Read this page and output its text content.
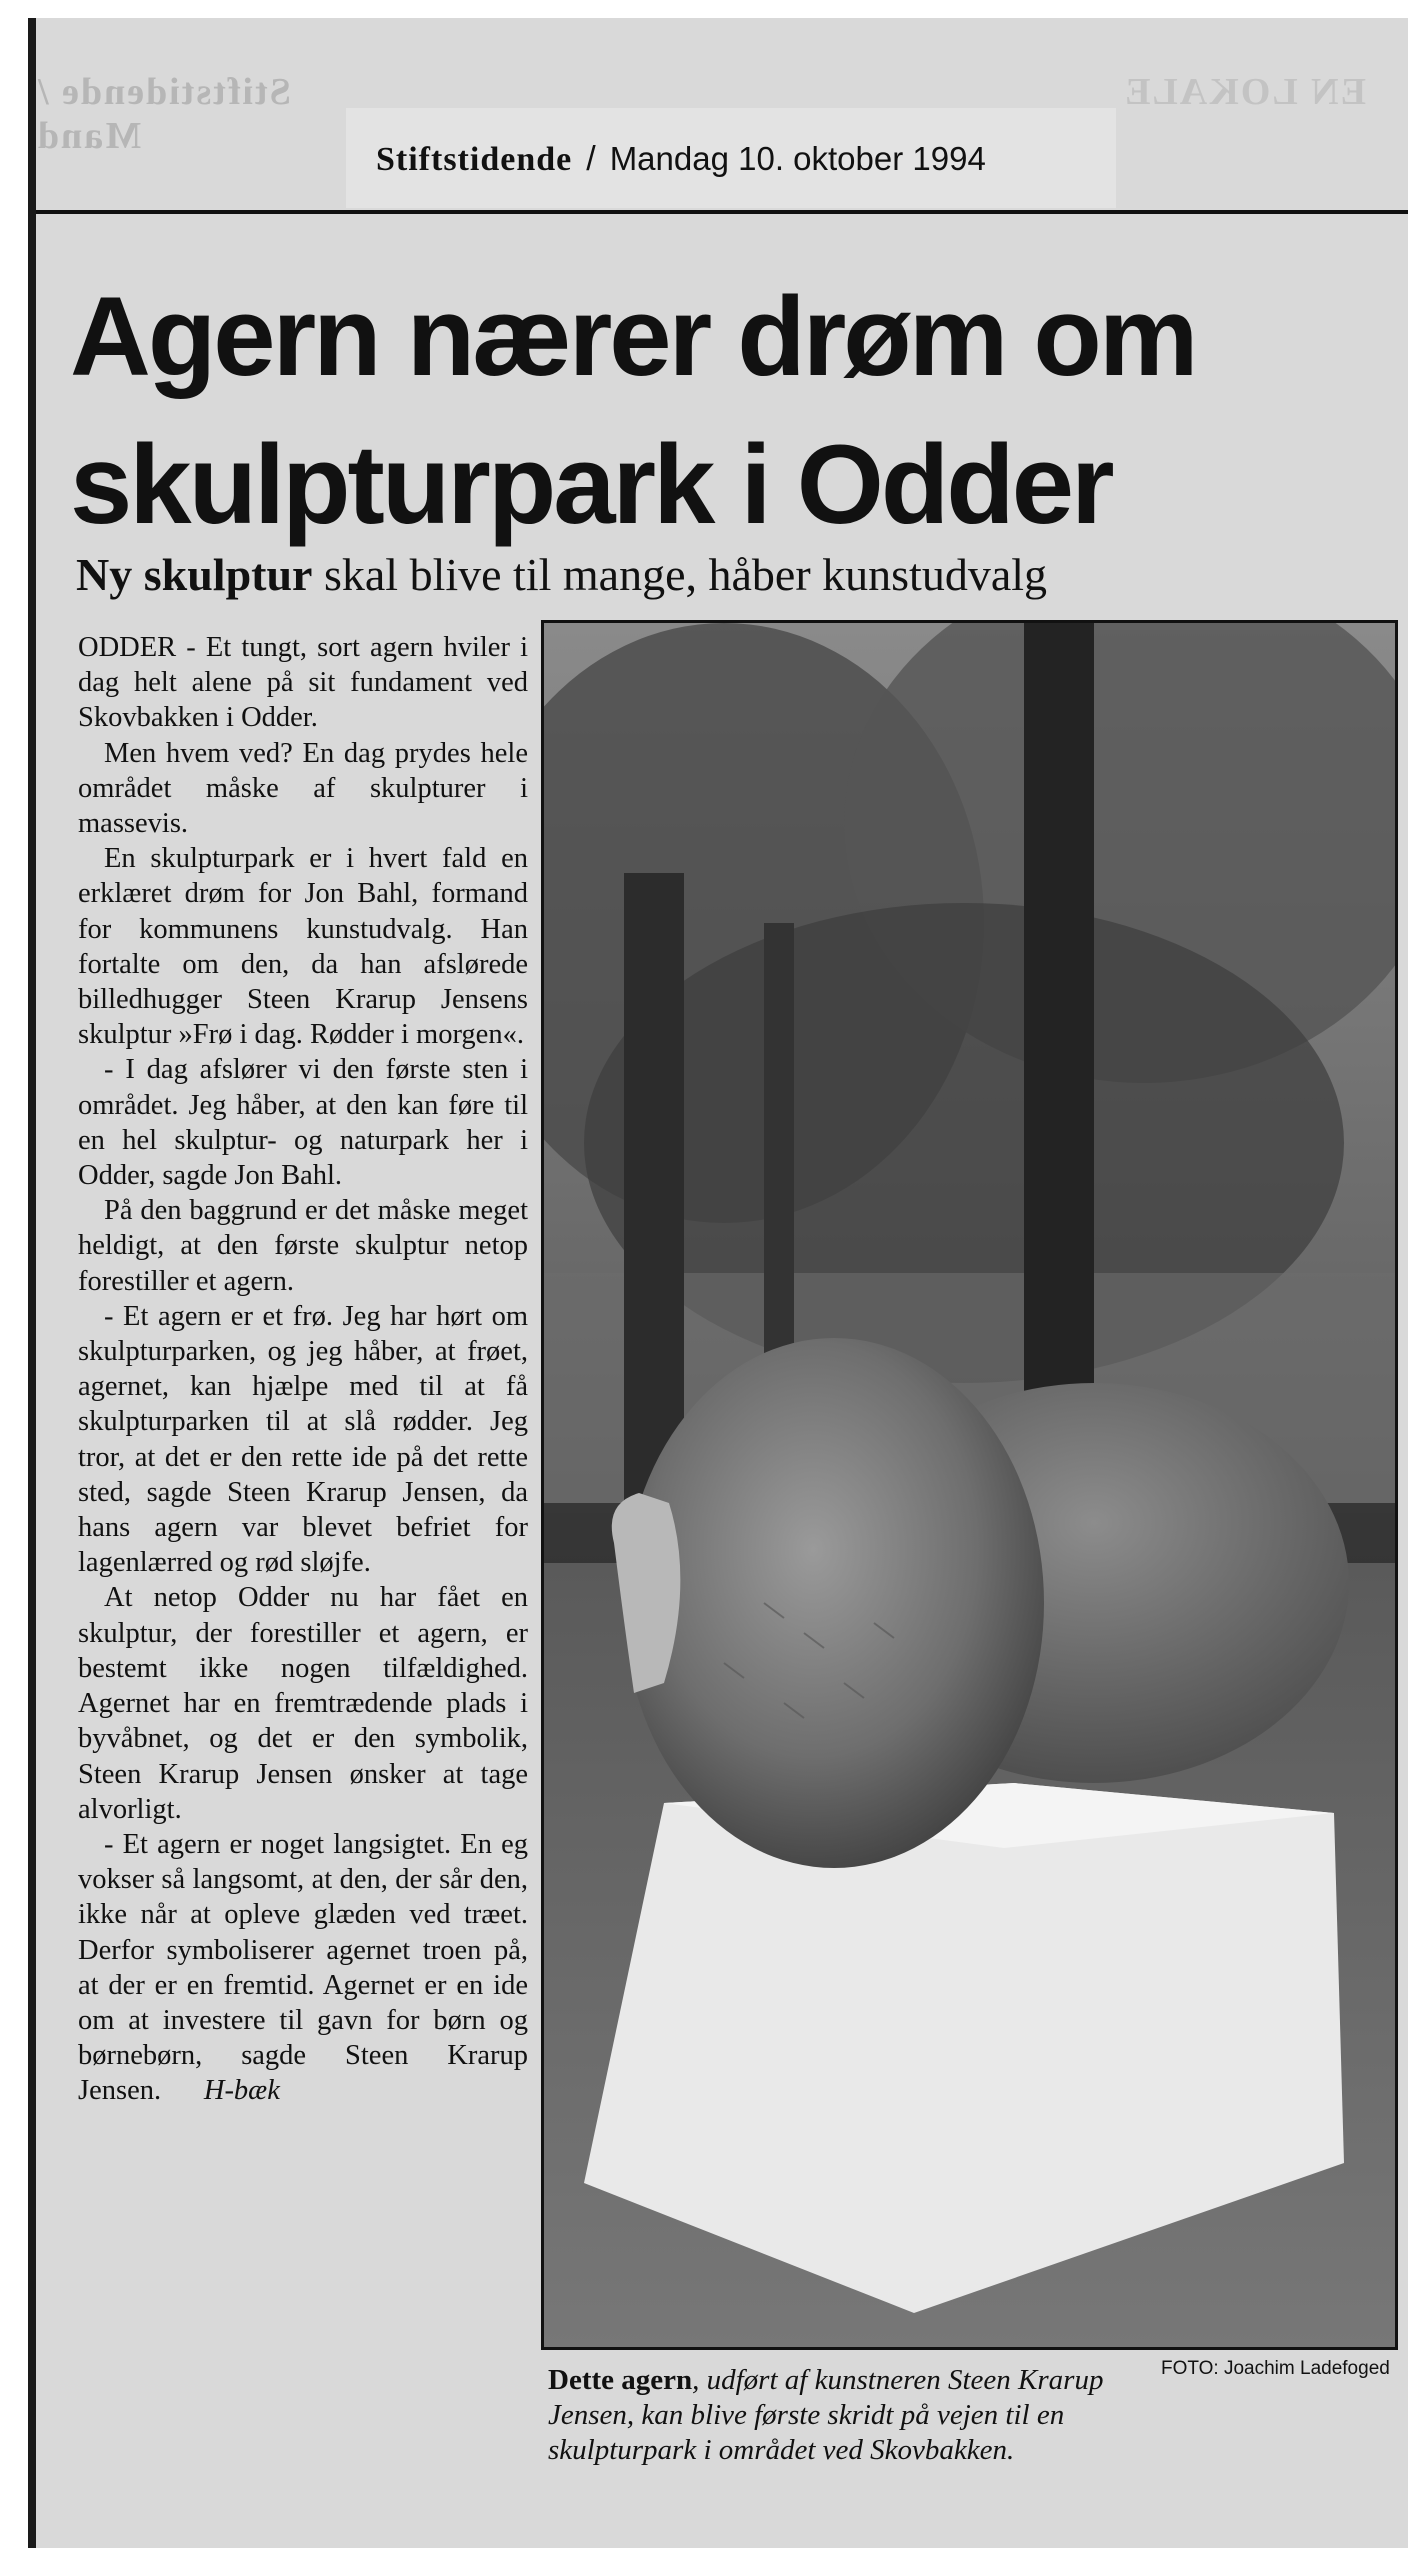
Stiftstidende / Mand
EN LOKALE
Stiftstidende / Mandag 10. oktober 1994
Agern nærer drøm om skulpturpark i Odder
Ny skulptur skal blive til mange, håber kunstudvalg

ODDER - Et tungt, sort agern hviler i dag helt alene på sit fundament ved Skovbakken i Odder.

Men hvem ved? En dag prydes hele området måske af skulpturer i massevis.

En skulpturpark er i hvert fald en erklæret drøm for Jon Bahl, formand for kommunens kunstudvalg. Han fortalte om den, da han afslørede billedhugger Steen Krarup Jensens skulptur »Frø i dag. Rødder i morgen«.

- I dag afslører vi den første sten i området. Jeg håber, at den kan føre til en hel skulptur- og naturpark her i Odder, sagde Jon Bahl.

På den baggrund er det måske meget heldigt, at den første skulptur netop forestiller et agern.

- Et agern er et frø. Jeg har hørt om skulpturparken, og jeg håber, at frøet, agernet, kan hjælpe med til at få skulpturparken til at slå rødder. Jeg tror, at det er den rette ide på det rette sted, sagde Steen Krarup Jensen, da hans agern var blevet befriet for lagenlærred og rød sløjfe.

At netop Odder nu har fået en skulptur, der forestiller et agern, er bestemt ikke nogen tilfældighed. Agernet har en fremtrædende plads i byvåbnet, og det er den symbolik, Steen Krarup Jensen ønsker at tage alvorligt.

- Et agern er noget langsigtet. En eg vokser så langsomt, at den, der sår den, ikke når at opleve glæden ved træet. Derfor symboliserer agernet troen på, at der er en fremtid. Agernet er en ide om at investere til gavn for børn og børnebørn, sagde Steen Krarup Jensen. H-bæk

Dette agern, udført af kunstneren Steen Krarup Jensen, kan blive første skridt på vejen til en skulpturpark i området ved Skovbakken.
FOTO: Joachim Ladefoged
